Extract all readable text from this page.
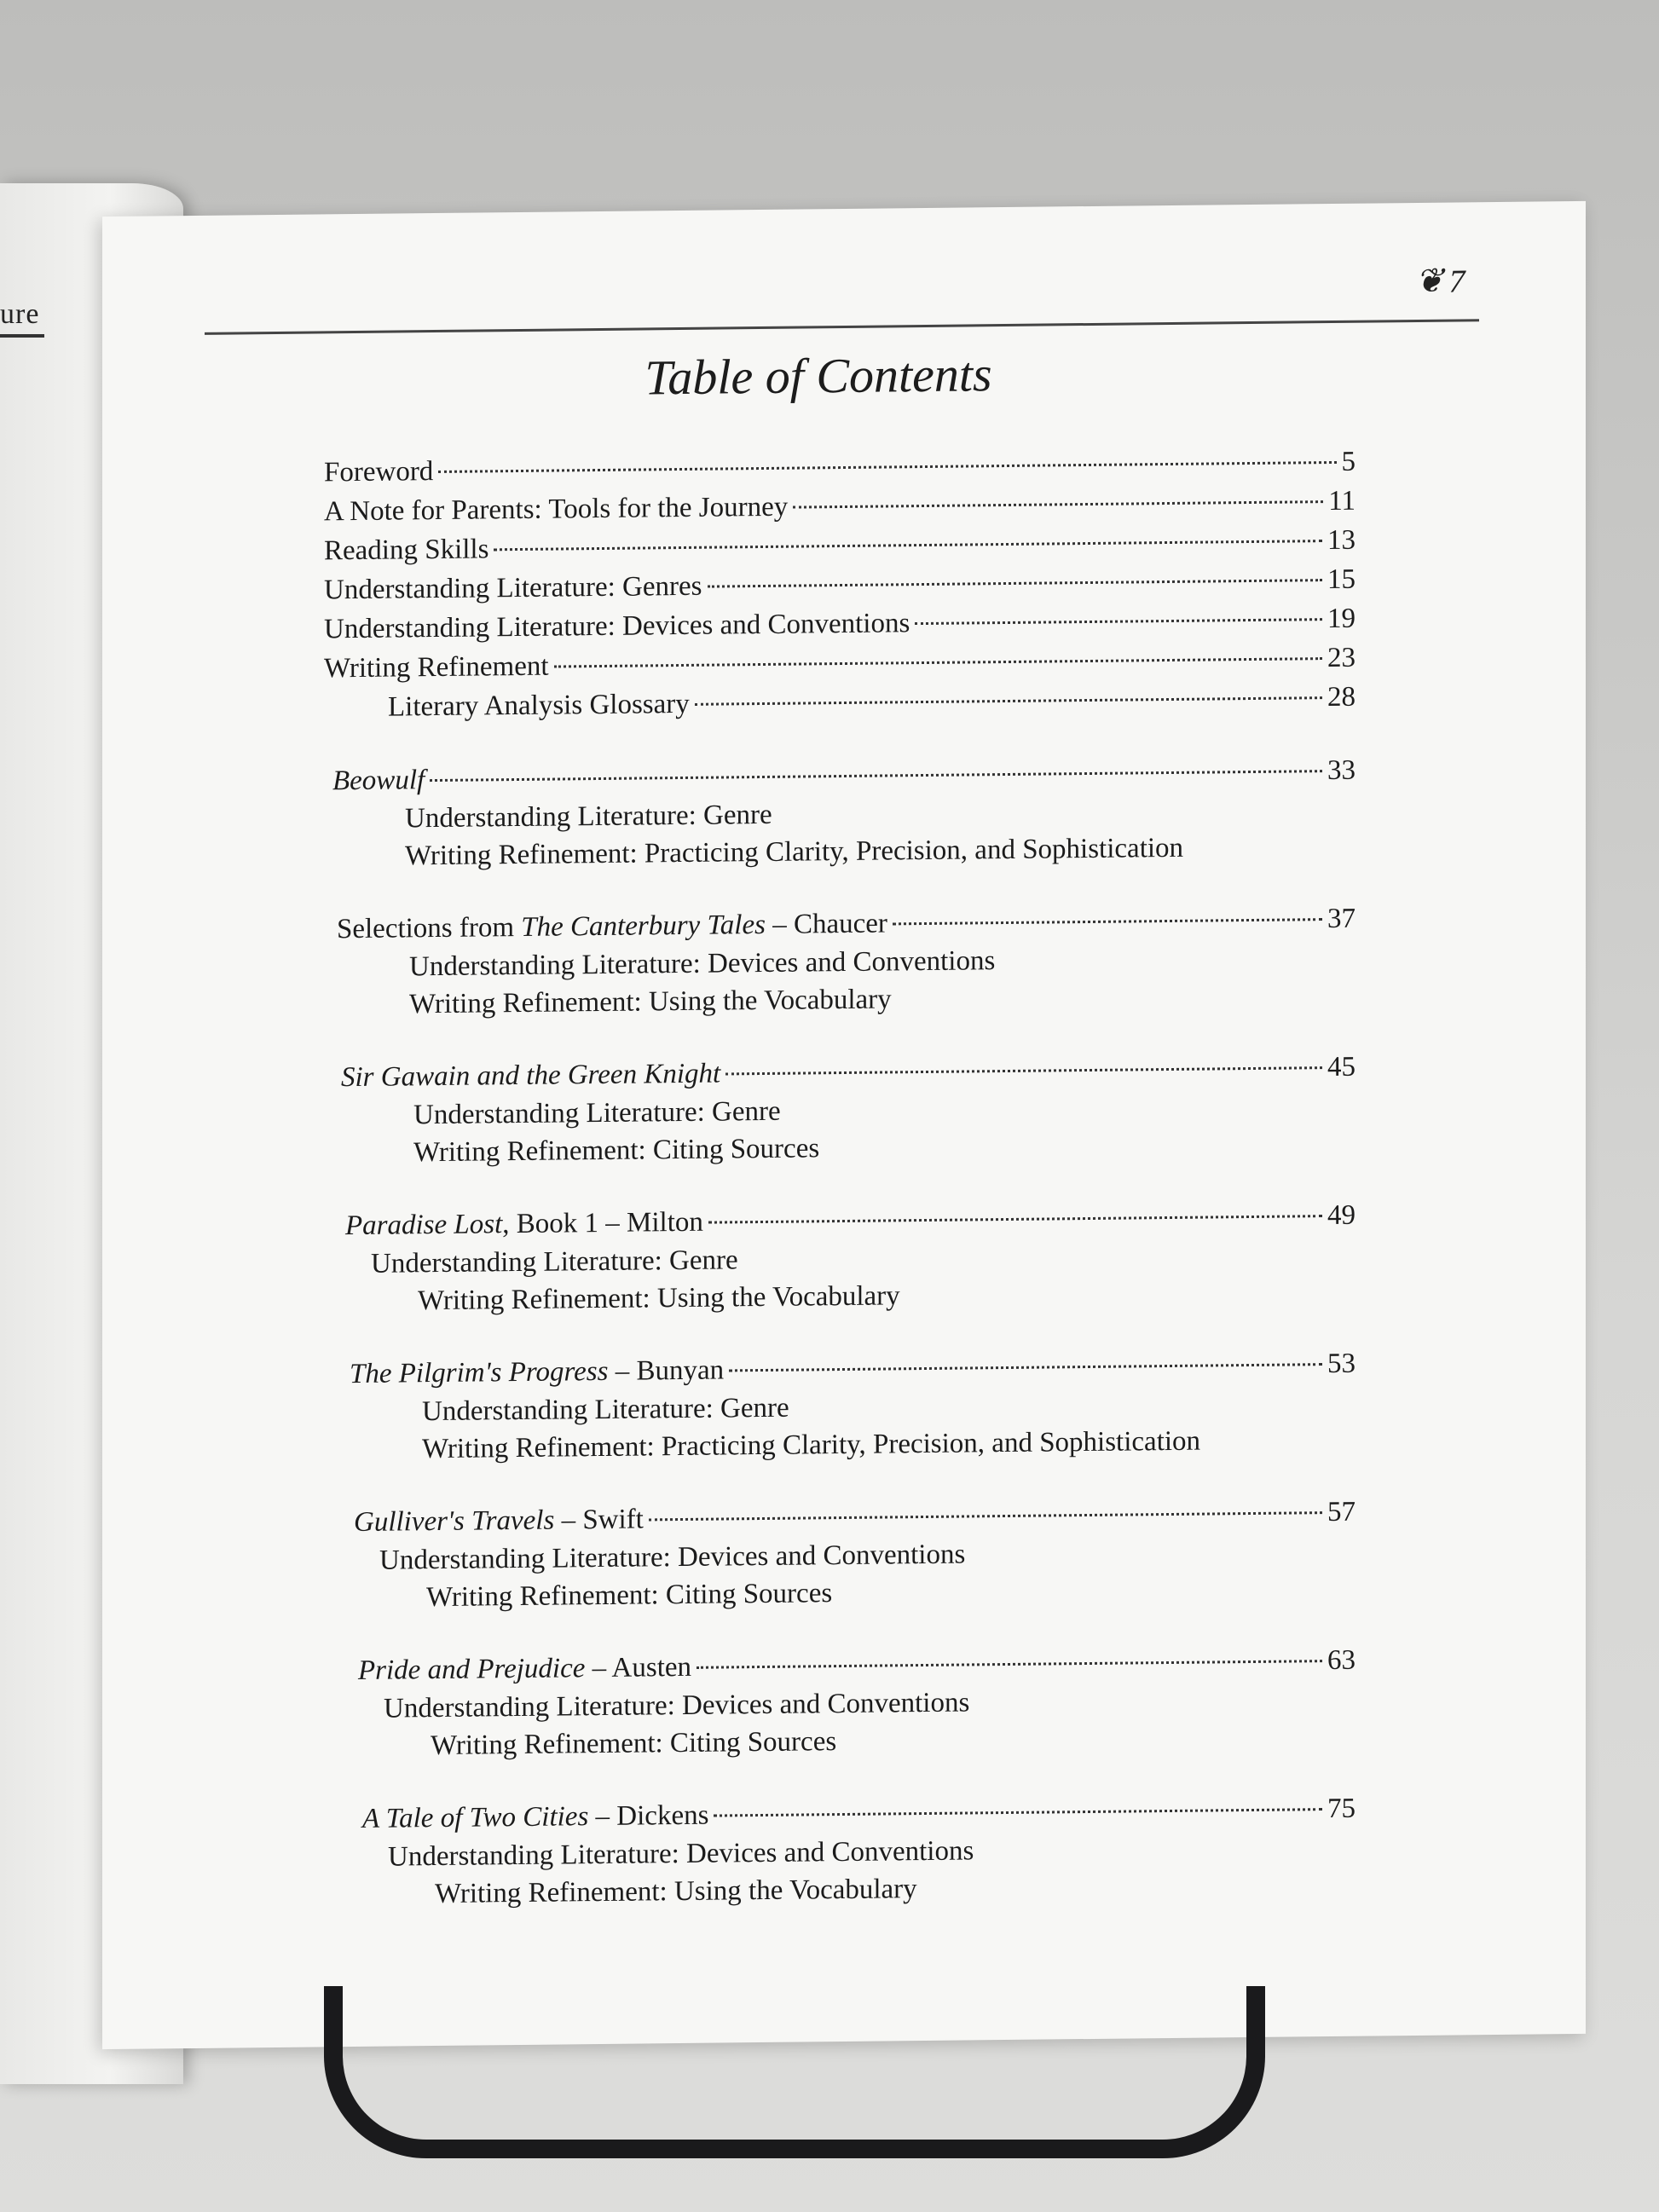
ure
❦ 7
Table of Contents
Foreword	5
A Note for Parents: Tools for the Journey	11
Reading Skills	13
Understanding Literature: Genres	15
Understanding Literature: Devices and Conventions	19
Writing Refinement	23
Literary Analysis Glossary	28
Beowulf	33
Understanding Literature: Genre
Writing Refinement: Practicing Clarity, Precision, and Sophistication
Selections from The Canterbury Tales – Chaucer	37
Understanding Literature: Devices and Conventions
Writing Refinement: Using the Vocabulary
Sir Gawain and the Green Knight	45
Understanding Literature: Genre
Writing Refinement: Citing Sources
Paradise Lost, Book 1 – Milton	49
Understanding Literature: Genre
Writing Refinement: Using the Vocabulary
The Pilgrim's Progress – Bunyan	53
Understanding Literature: Genre
Writing Refinement: Practicing Clarity, Precision, and Sophistication
Gulliver's Travels – Swift	57
Understanding Literature: Devices and Conventions
Writing Refinement: Citing Sources
Pride and Prejudice – Austen	63
Understanding Literature: Devices and Conventions
Writing Refinement: Citing Sources
A Tale of Two Cities – Dickens	75
Understanding Literature: Devices and Conventions
Writing Refinement: Using the Vocabulary
